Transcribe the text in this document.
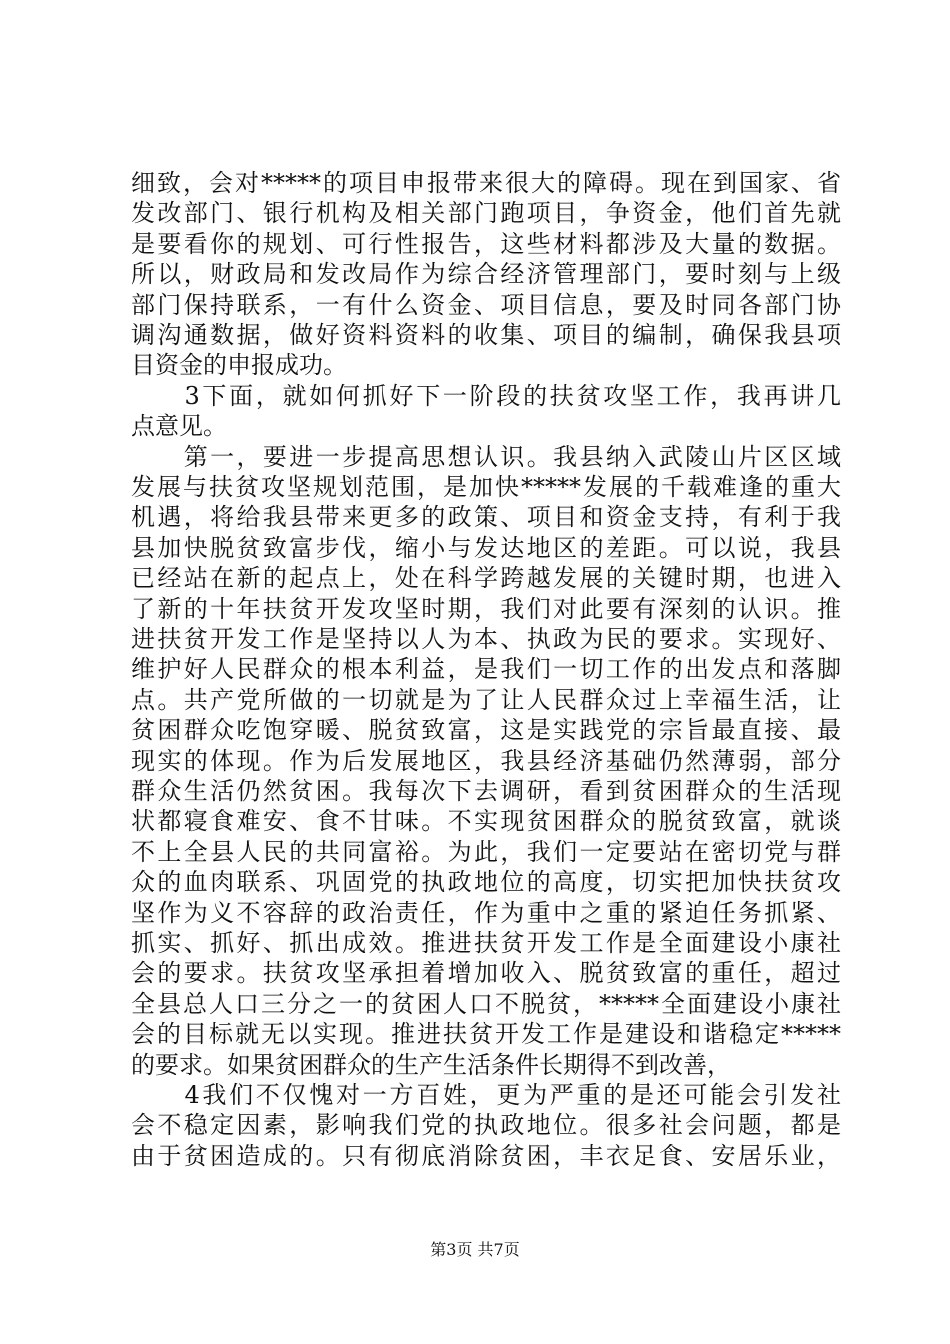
细致，会对*****的项目申报带来很大的障碍。现在到国家、省
发改部门、银行机构及相关部门跑项目，争资金，他们首先就
是要看你的规划、可行性报告，这些材料都涉及大量的数据。
所以，财政局和发改局作为综合经济管理部门，要时刻与上级
部门保持联系，一有什么资金、项目信息，要及时同各部门协
调沟通数据，做好资料资料的收集、项目的编制，确保我县项
目资金的申报成功。
　　3下面，就如何抓好下一阶段的扶贫攻坚工作，我再讲几
点意见。
　　第一，要进一步提高思想认识。我县纳入武陵山片区区域
发展与扶贫攻坚规划范围，是加快*****发展的千载难逢的重大
机遇，将给我县带来更多的政策、项目和资金支持，有利于我
县加快脱贫致富步伐，缩小与发达地区的差距。可以说，我县
已经站在新的起点上，处在科学跨越发展的关键时期，也进入
了新的十年扶贫开发攻坚时期，我们对此要有深刻的认识。推
进扶贫开发工作是坚持以人为本、执政为民的要求。实现好、
维护好人民群众的根本利益，是我们一切工作的出发点和落脚
点。共产党所做的一切就是为了让人民群众过上幸福生活，让
贫困群众吃饱穿暖、脱贫致富，这是实践党的宗旨最直接、最
现实的体现。作为后发展地区，我县经济基础仍然薄弱，部分
群众生活仍然贫困。我每次下去调研，看到贫困群众的生活现
状都寝食难安、食不甘味。不实现贫困群众的脱贫致富，就谈
不上全县人民的共同富裕。为此，我们一定要站在密切党与群
众的血肉联系、巩固党的执政地位的高度，切实把加快扶贫攻
坚作为义不容辞的政治责任，作为重中之重的紧迫任务抓紧、
抓实、抓好、抓出成效。推进扶贫开发工作是全面建设小康社
会的要求。扶贫攻坚承担着增加收入、脱贫致富的重任，超过
全县总人口三分之一的贫困人口不脱贫，*****全面建设小康社
会的目标就无以实现。推进扶贫开发工作是建设和谐稳定*****
的要求。如果贫困群众的生产生活条件长期得不到改善，
　　4我们不仅愧对一方百姓，更为严重的是还可能会引发社
会不稳定因素，影响我们党的执政地位。很多社会问题，都是
由于贫困造成的。只有彻底消除贫困，丰衣足食、安居乐业，
第3页 共7页
